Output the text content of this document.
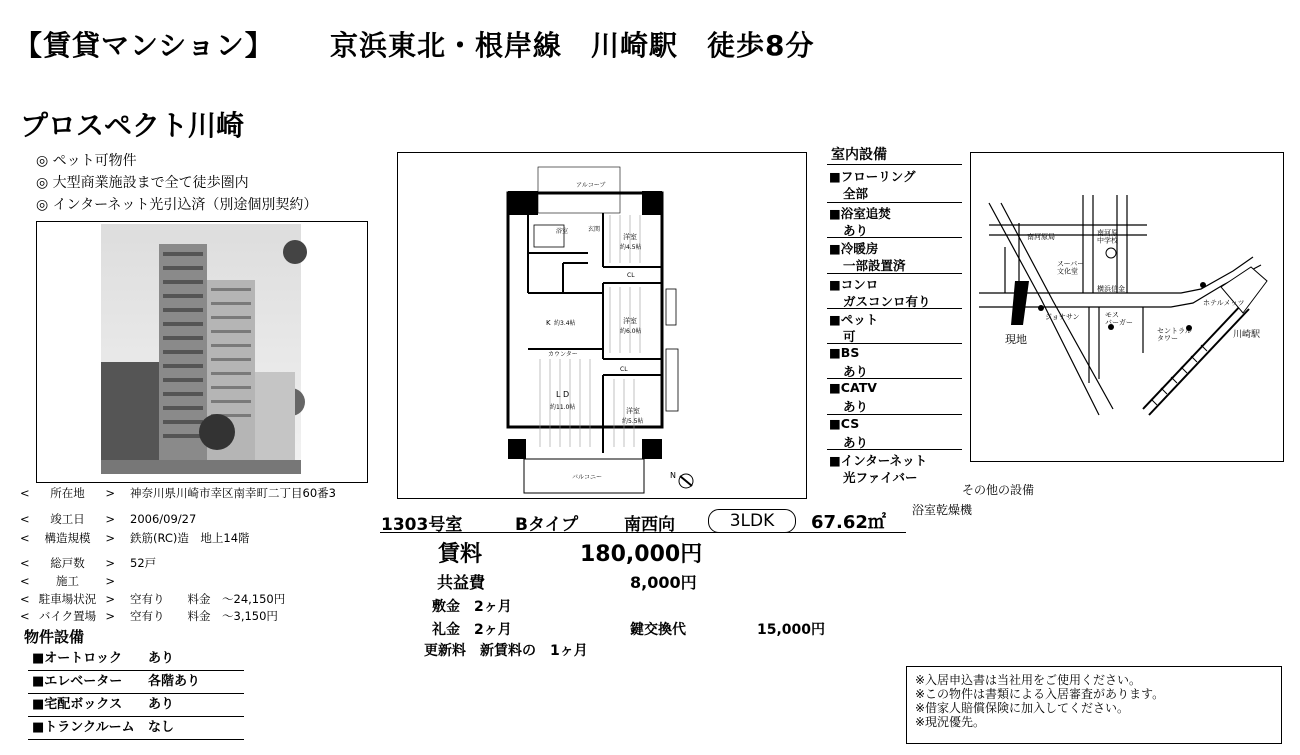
【賃貸マンション】 京浜東北・根岸線　川崎駅　徒歩8分
プロスペクト川崎
◎ ペット可物件
◎ 大型商業施設まで全て徒歩圏内
◎ インターネット光引込済（別途個別契約）
< 所在地 >	神奈川県川崎市幸区南幸町二丁目60番3
< 竣工日 >	2006/09/27
< 構造規模 >	鉄筋(RC)造　地上14階
< 総戸数 >	52戸
< 施工 >
< 駐車場状況 >	空有り　　料金　～24,150円
< バイク置場 >	空有り　　料金　～3,150円
物件設備
■オートロック あり
■エレベーター 各階あり
■宅配ボックス あり
■トランクルーム なし
アルコーブ
浴室	玄関
洋室
約4.5帖
CL
洋室
約6.0帖
K 約3.4帖
カウンター
CL
L D
約11.0帖	洋室
約5.5帖
バルコニー	N
室内設備
■フローリング
全部
■浴室追焚
あり
■冷暖房
一部設置済
■コンロ
ガスコンロ有り
■ペット
可
■BS
あり
■CATV
あり
■CS
あり
■インターネット
光ファイバー
その他の設備
浴室乾燥機
南河原局	南河原中学校
スーパー文化堂
横浜信金
ホテルメッツ
ジョナサン	モスバーガー
セントラルタワー	川崎駅
現地
1303号室	Bタイプ	南西向	3LDK	67.62㎡
賃料	180,000円
共益費	8,000円
敷金　2ヶ月
礼金　2ヶ月	鍵交換代	15,000円
更新料　新賃料の　1ヶ月
※入居申込書は当社用をご使用ください。
※この物件は書類による入居審査があります。
※借家人賠償保険に加入してください。
※現況優先。
